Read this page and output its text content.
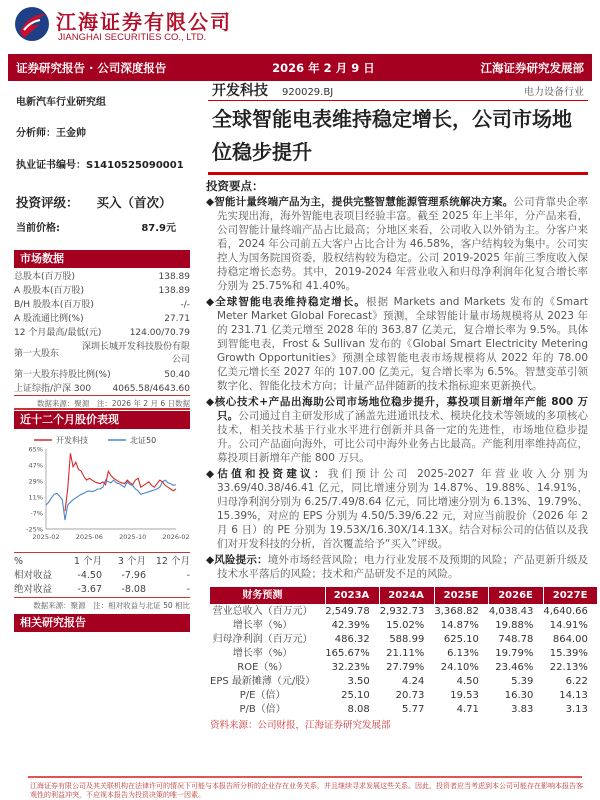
江海证券有限公司
JIANGHAI SECURITIES CO., LTD.
证券研究报告 · 公司深度报告	2026 年 2 月 9 日	江海证券研究发展部
电新汽车行业研究组
分析师：王金帅
执业证书编号：S1410525090001
投资评级： 买入（首次）
当前价格:	87.9元
市场数据
总股本(百万股)	138.89
A 股股本(百万股)	138.89
B/H 股股本(百万股)	-/-
A 股流通比例(%)	27.71
12 个月最高/最低(元)	124.00/70.79
第一大股东
深圳长城开发科技股份有限公司
第一大股东持股比例(%)	50.40
上证综指/沪深 300 4065.58/4643.60
数据来源：聚源　注：2026 年 2 月 6 日数据
近十二个月股价表现
开发科技	北证50
65%
47%
29%
11%
-7%
-25%
2025-02 2025-06 2025-10 2026-02
%	1 个月	3 个月	12 个月
相对收益	-4.50	-7.96	-
绝对收益	-3.67	-8.08	-
数据来源：聚源　注：相对收益与北证 50 相比
相关研究报告
开发科技 920029.BJ	电力设备行业
全球智能电表维持稳定增长，公司市场地位稳步提升
投资要点：
◆智能计量终端产品为主，提供完整智慧能源管理系统解决方案。公司背靠央企率先实现出海，海外智能电表项目经验丰富。截至 2025 年上半年，分产品来看，公司智能计量终端产品占比最高；分地区来看，公司收入以外销为主。分客户来看，2024 年公司前五大客户占比合计为 46.58%，客户结构较为集中。公司实控人为国务院国资委，股权结构较为稳定。公司 2019-2025 年前三季度收入保持稳定增长态势。其中，2019-2024 年营业收入和归母净利润年化复合增长率分别为 25.75%和 41.40%。
◆全球智能电表维持稳定增长。根据 Markets and Markets 发布的《Smart Meter Market Global Forecast》预测，全球智能计量市场规模将从 2023 年的 231.71 亿美元增至 2028 年的 363.87 亿美元，复合增长率为 9.5%。具体到智能电表，Frost & Sullivan 发布的《Global Smart Electricity Metering Growth Opportunities》预测全球智能电表市场规模将从 2022 年的 78.00 亿美元增长至 2027 年的 107.00 亿美元，复合增长率为 6.5%。智慧变革引领数字化、智能化技术方向；计量产品伴随新的技术指标迎来更新换代。
◆核心技术+产品出海助公司市场地位稳步提升，募投项目新增年产能 800 万只。公司通过自主研发形成了涵盖先进通讯技术、模块化技术等领域的多项核心技术，相关技术基于行业水平进行创新并具备一定的先进性，市场地位稳步提升。公司产品面向海外，可比公司中海外业务占比最高。产能利用率维持高位，募投项目新增年产能 800 万只。
◆估值和投资建议：我们预计公司 2025-2027 年营业收入分别为 33.69/40.38/46.41 亿元，同比增速分别为 14.87%、19.88%、14.91%，归母净利润分别为 6.25/7.49/8.64 亿元，同比增速分别为 6.13%、19.79%、15.39%，对应的 EPS 分别为 4.50/5.39/6.22 元，对应当前股价（2026 年 2 月 6 日）的 PE 分别为 19.53X/16.30X/14.13X。结合对标公司的估值以及我们对开发科技的分析，首次覆盖给予“买入”评级。
◆风险提示：境外市场经营风险；电力行业发展不及预期的风险；产品更新升级及技术水平落后的风险；技术和产品研发不足的风险。
财务预测	2023A	2024A	2025E	2026E	2027E
营业总收入（百万元）	2,549.78	2,932.73	3,368.82	4,038.43	4,640.66
增长率（%）	42.39%	15.02%	14.87%	19.88%	14.91%
归母净利润（百万元）	486.32	588.99	625.10	748.78	864.00
增长率（%）	165.67%	21.11%	6.13%	19.79%	15.39%
ROE（%）	32.23%	27.79%	24.10%	23.46%	22.13%
EPS 最新摊薄（元/股）	3.50	4.24	4.50	5.39	6.22
P/E（倍）	25.10	20.73	19.53	16.30	14.13
P/B（倍）	8.08	5.77	4.71	3.83	3.13
资料来源：公司财报，江海证券研究发展部
江海证券有限公司及其关联机构在法律许可的情况下可能与本报告所分析的企业存在业务关系，并且继续寻求发展这些关系。因此，投资者应当考虑到本公司可能存在影响本报告客观性的利益冲突，不应视本报告为投资决策的唯一因素。
